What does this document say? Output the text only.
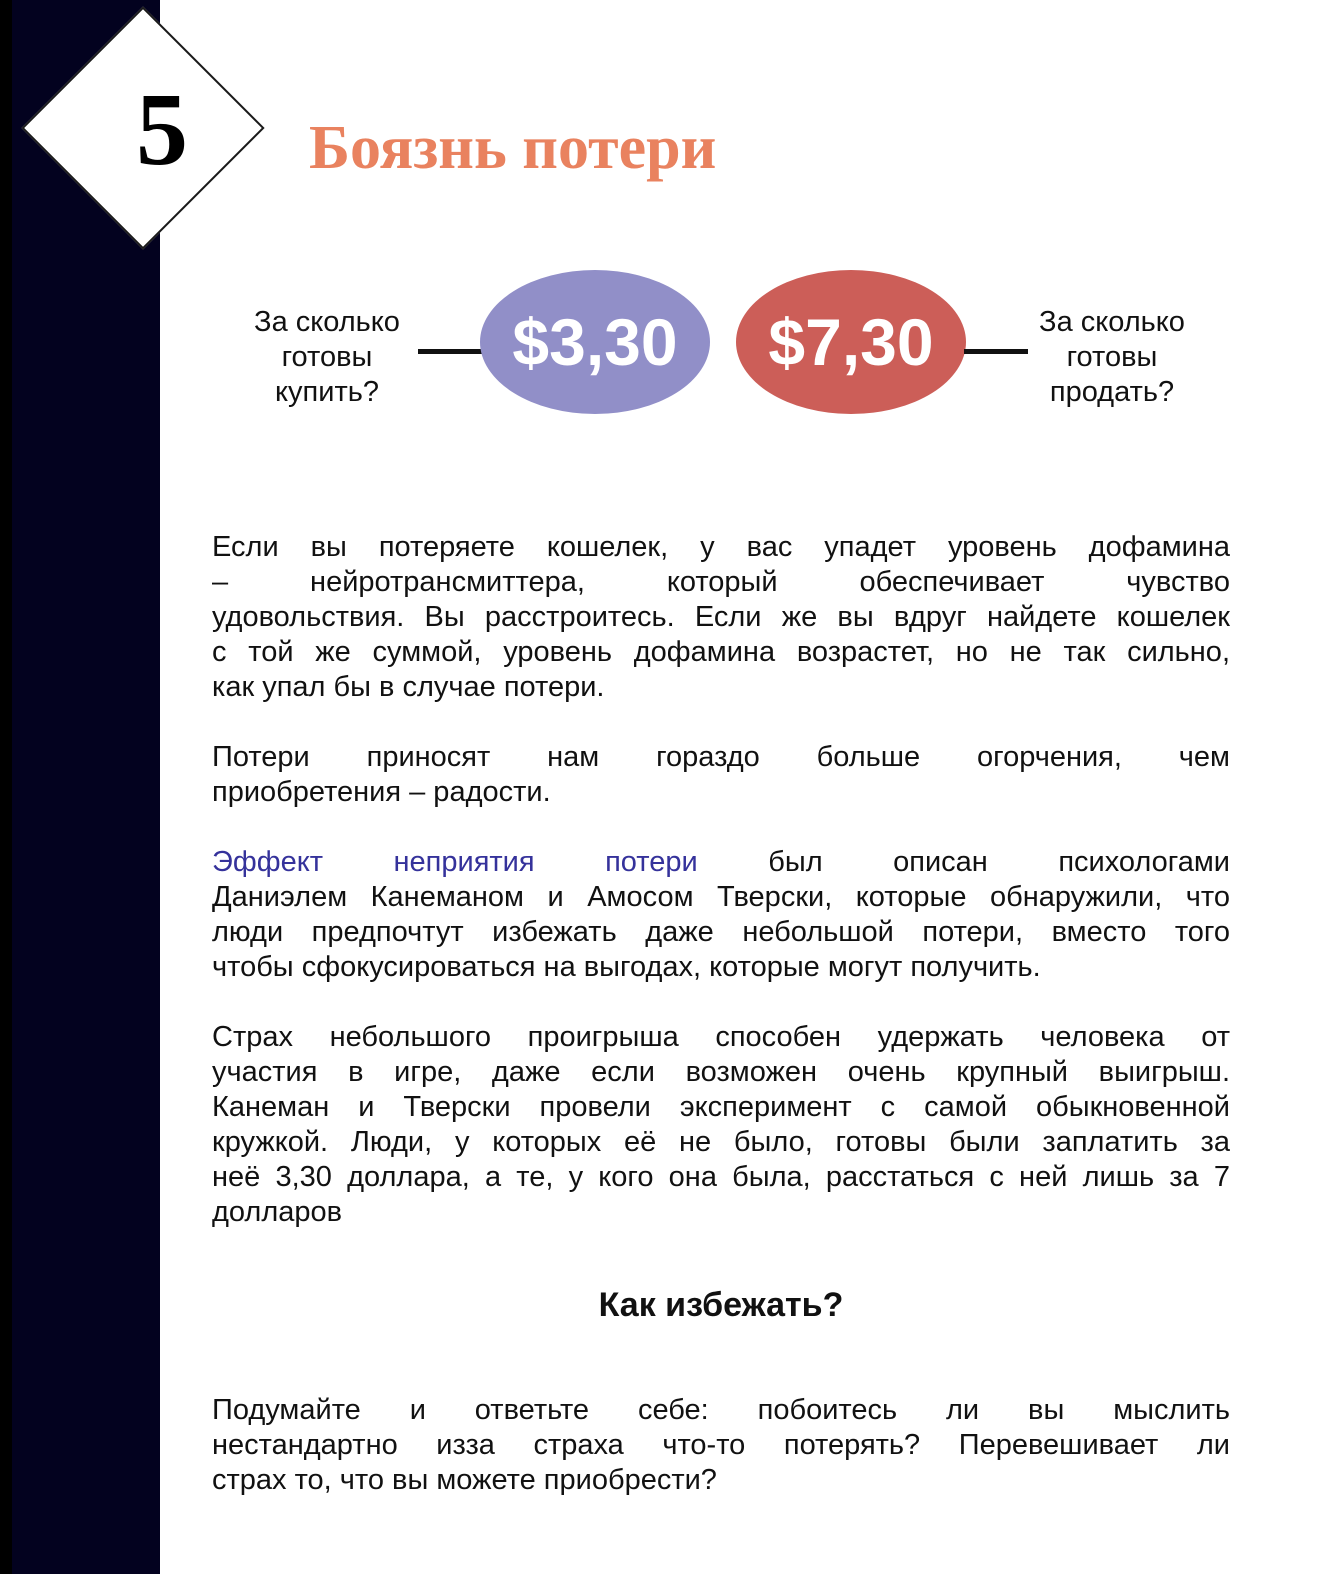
5	Боязнь потери
За сколько
готовы
купить?
$3,30 $7,30	За сколько
готовы
продать?

Если вы потеряете кошелек, у вас упадет уровень дофамина
– нейротрансмиттера, который обеспечивает чувство
удовольствия. Вы расстроитесь. Если же вы вдруг найдете кошелек
с той же суммой, уровень дофамина возрастет, но не так сильно,
как упал бы в случае потери.

Потери приносят нам гораздо больше огорчения, чем
приобретения – радости.

Эффект неприятия потери был описан психологами
Даниэлем Канеманом и Амосом Тверски, которые обнаружили, что
люди предпочтут избежать даже небольшой потери, вместо того
чтобы сфокусироваться на выгодах, которые могут получить.

Страх небольшого проигрыша способен удержать человека от
участия в игре, даже если возможен очень крупный выигрыш.
Канеман и Тверски провели эксперимент с самой обыкновенной
кружкой. Люди, у которых её не было, готовы были заплатить за
неё 3,30 доллара, а те, у кого она была, расстаться с ней лишь за 7
долларов

Подумайте и ответьте себе: побоитесь ли вы мыслить
нестандартно изза страха что-то потерять? Перевешивает ли
страх то, что вы можете приобрести?

Как избежать?
